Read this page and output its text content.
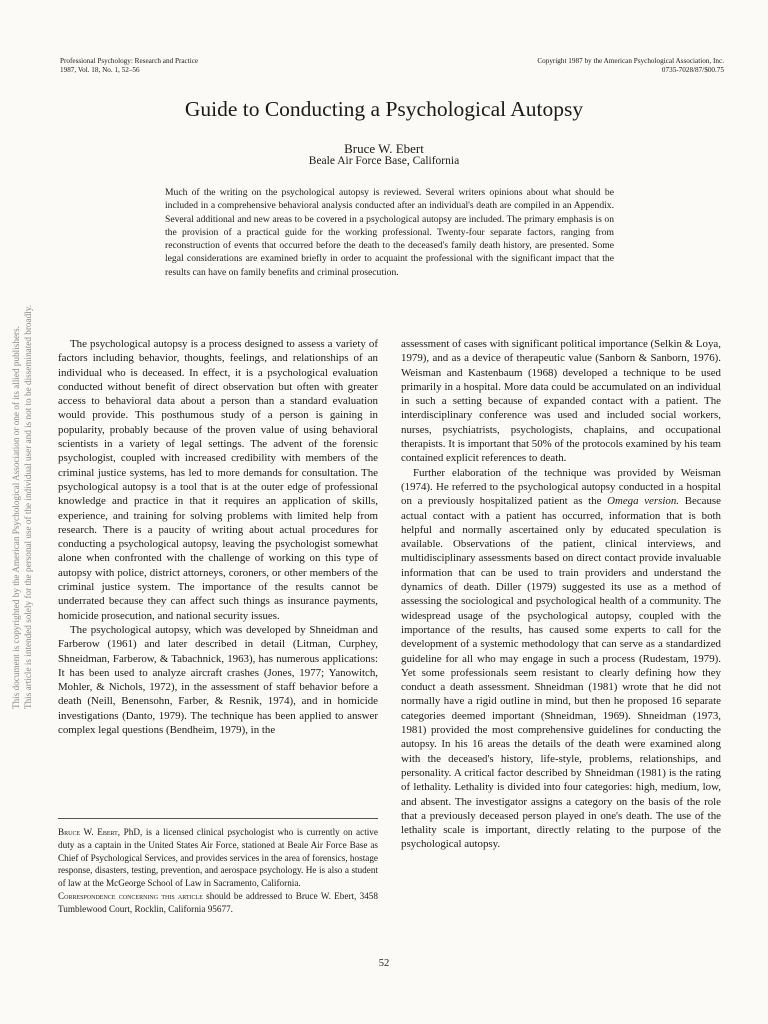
Professional Psychology: Research and Practice
1987, Vol. 18, No. 1, 52–56
Copyright 1987 by the American Psychological Association, Inc.
0735-7028/87/$00.75
Guide to Conducting a Psychological Autopsy
Bruce W. Ebert
Beale Air Force Base, California
Much of the writing on the psychological autopsy is reviewed. Several writers opinions about what should be included in a comprehensive behavioral analysis conducted after an individual's death are compiled in an Appendix. Several additional and new areas to be covered in a psychological autopsy are included. The primary emphasis is on the provision of a practical guide for the working professional. Twenty-four separate factors, ranging from reconstruction of events that occurred before the death to the deceased's family death history, are presented. Some legal considerations are examined briefly in order to acquaint the professional with the significant impact that the results can have on family benefits and criminal prosecution.
This document is copyrighted by the American Psychological Association or one of its allied publishers. This article is intended solely for the personal use of the individual user and is not to be disseminated broadly.	The psychological autopsy is a process designed to assess a variety of factors including behavior, thoughts, feelings, and relationships of an individual who is deceased. In effect, it is a psychological evaluation conducted without benefit of direct observation but often with greater access to behavioral data about a person than a standard evaluation would provide. This posthumous study of a person is gaining in popularity, probably because of the proven value of using behavioral scientists in a variety of legal settings. The advent of the forensic psychologist, coupled with increased credibility with members of the criminal justice systems, has led to more demands for consultation. The psychological autopsy is a tool that is at the outer edge of professional knowledge and practice in that it requires an application of skills, experience, and training for solving problems with limited help from research. There is a paucity of writing about actual procedures for conducting a psychological autopsy, leaving the psychologist somewhat alone when confronted with the challenge of working on this type of autopsy with police, district attorneys, coroners, or other members of the criminal justice system. The importance of the results cannot be underrated because they can affect such things as insurance payments, homicide prosecution, and national security issues.

The psychological autopsy, which was developed by Shneidman and Farberow (1961) and later described in detail (Litman, Curphey, Shneidman, Farberow, & Tabachnick, 1963), has numerous applications: It has been used to analyze aircraft crashes (Jones, 1977; Yanowitch, Mohler, & Nichols, 1972), in the assessment of staff behavior before a death (Neill, Benensohn, Farber, & Resnik, 1974), and in homicide investigations (Danto, 1979). The technique has been applied to answer complex legal questions (Bendheim, 1979), in the

Bruce W. Ebert, PhD, is a licensed clinical psychologist who is currently on active duty as a captain in the United States Air Force, stationed at Beale Air Force Base as Chief of Psychological Services, and provides services in the area of forensics, hostage response, disasters, testing, prevention, and aerospace psychology. He is also a student of law at the McGeorge School of Law in Sacramento, California.

Correspondence concerning this article should be addressed to Bruce W. Ebert, 3458 Tumblewood Court, Rocklin, California 95677.

assessment of cases with significant political importance (Selkin & Loya, 1979), and as a device of therapeutic value (Sanborn & Sanborn, 1976). Weisman and Kastenbaum (1968) developed a technique to be used primarily in a hospital. More data could be accumulated on an individual in such a setting because of expanded contact with a patient. The interdisciplinary conference was used and included social workers, nurses, psychiatrists, psychologists, chaplains, and occupational therapists. It is important that 50% of the protocols examined by his team contained explicit references to death.

Further elaboration of the technique was provided by Weisman (1974). He referred to the psychological autopsy conducted in a hospital on a previously hospitalized patient as the Omega version. Because actual contact with a patient has occurred, information that is both helpful and normally ascertained only by educated speculation is available. Observations of the patient, clinical interviews, and multidisciplinary assessments based on direct contact provide invaluable information that can be used to train providers and understand the dynamics of death. Diller (1979) suggested its use as a method of assessing the sociological and psychological health of a community. The widespread usage of the psychological autopsy, coupled with the importance of the results, has caused some experts to call for the development of a systemic methodology that can serve as a standardized guideline for all who may engage in such a process (Rudestam, 1979). Yet some professionals seem resistant to clearly defining how they conduct a death assessment. Shneidman (1981) wrote that he did not normally have a rigid outline in mind, but then he proposed 16 separate categories deemed important (Shneidman, 1969). Shneidman (1973, 1981) provided the most comprehensive guidelines for conducting the autopsy. In his 16 areas the details of the death were examined along with the deceased's history, life-style, problems, relationships, and personality. A critical factor described by Shneidman (1981) is the rating of lethality. Lethality is divided into four categories: high, medium, low, and absent. The investigator assigns a category on the basis of the role that a previously deceased person played in one's death. The use of the lethality scale is important, directly relating to the purpose of the psychological autopsy.

52
